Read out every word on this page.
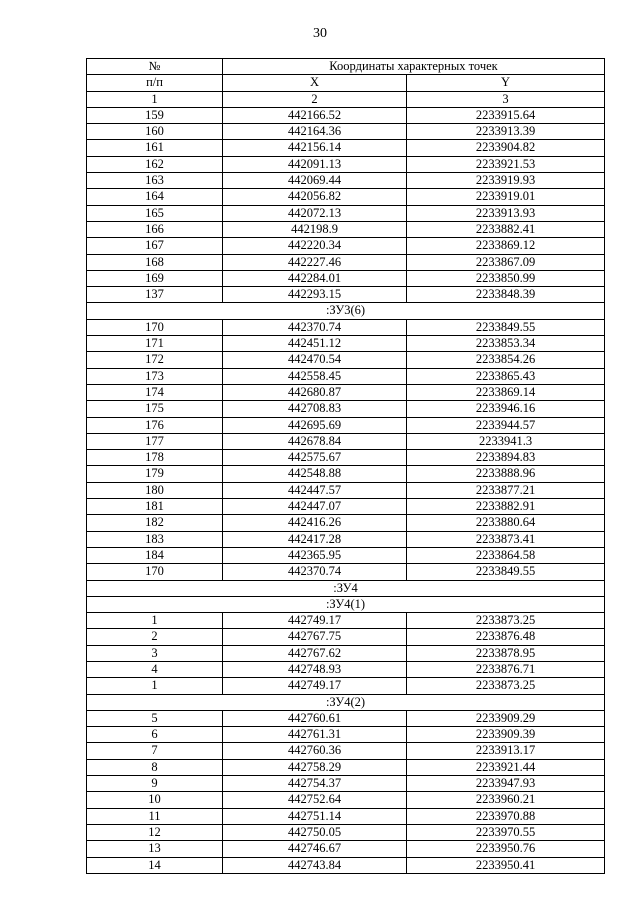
30
№	Координаты характерных точек	
п/п	X	Y
1	2	3
159	442166.52	2233915.64
160	442164.36	2233913.39
161	442156.14	2233904.82
162	442091.13	2233921.53
163	442069.44	2233919.93
164	442056.82	2233919.01
165	442072.13	2233913.93
166	442198.9	2233882.41
167	442220.34	2233869.12
168	442227.46	2233867.09
169	442284.01	2233850.99
137	442293.15	2233848.39
:ЗУ3(6)		
170	442370.74	2233849.55
171	442451.12	2233853.34
172	442470.54	2233854.26
173	442558.45	2233865.43
174	442680.87	2233869.14
175	442708.83	2233946.16
176	442695.69	2233944.57
177	442678.84	2233941.3
178	442575.67	2233894.83
179	442548.88	2233888.96
180	442447.57	2233877.21
181	442447.07	2233882.91
182	442416.26	2233880.64
183	442417.28	2233873.41
184	442365.95	2233864.58
170	442370.74	2233849.55
:ЗУ4		
:ЗУ4(1)		
1	442749.17	2233873.25
2	442767.75	2233876.48
3	442767.62	2233878.95
4	442748.93	2233876.71
1	442749.17	2233873.25
:ЗУ4(2)		
5	442760.61	2233909.29
6	442761.31	2233909.39
7	442760.36	2233913.17
8	442758.29	2233921.44
9	442754.37	2233947.93
10	442752.64	2233960.21
11	442751.14	2233970.88
12	442750.05	2233970.55
13	442746.67	2233950.76
14	442743.84	2233950.41
